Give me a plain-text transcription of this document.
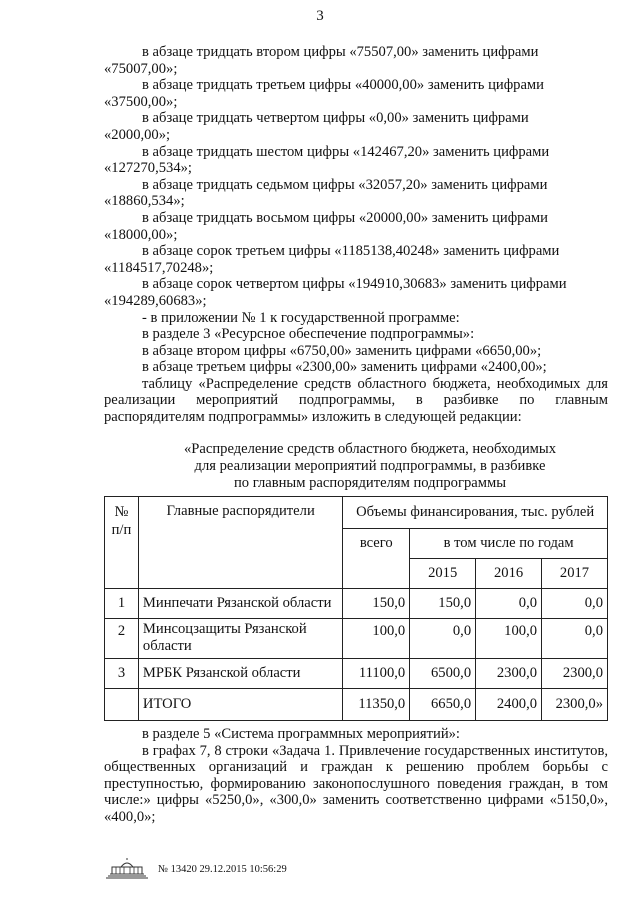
3

в абзаце тридцать втором цифры «75507,00» заменить цифрами
«75007,00»;

в абзаце тридцать третьем цифры «40000,00» заменить цифрами
«37500,00»;

в абзаце тридцать четвертом цифры «0,00» заменить цифрами
«2000,00»;

в абзаце тридцать шестом цифры «142467,20» заменить цифрами
«127270,534»;

в абзаце тридцать седьмом цифры «32057,20» заменить цифрами
«18860,534»;

в абзаце тридцать восьмом цифры «20000,00» заменить цифрами
«18000,00»;

в абзаце сорок третьем цифры «1185138,40248» заменить цифрами
«1184517,70248»;

в абзаце сорок четвертом цифры «194910,30683» заменить цифрами
«194289,60683»;

- в приложении № 1 к государственной программе:

в разделе 3 «Ресурсное обеспечение подпрограммы»:

в абзаце втором цифры «6750,00» заменить цифрами «6650,00»;

в абзаце третьем цифры «2300,00» заменить цифрами «2400,00»;

таблицу «Распределение средств областного бюджета, необходимых для реализации мероприятий подпрограммы, в разбивке по главным распорядителям подпрограммы» изложить в следующей редакции:

«Распределение средств областного бюджета, необходимых
для реализации мероприятий подпрограммы, в разбивке
по главным распорядителям подпрограммы
№ п/п	Главные распорядители	Объемы финансирования, тыс. рублей			
		всего	в том числе по годам		
			2015	2016	2017
1	Минпечати Рязанской области	150,0	150,0	0,0	0,0
2	Минсоцзащиты Рязанской области	100,0	0,0	100,0	0,0
3	МРБК Рязанской области	11100,0	6500,0	2300,0	2300,0
	ИТОГО	11350,0	6650,0	2400,0	2300,0»

в разделе 5 «Система программных мероприятий»:

в графах 7, 8 строки «Задача 1. Привлечение государственных институтов, общественных организаций и граждан к решению проблем борьбы с преступностью, формированию законопослушного поведения граждан, в том числе:» цифры «5250,0», «300,0» заменить соответственно цифрами «5150,0», «400,0»;

№ 13420 29.12.2015 10:56:29
